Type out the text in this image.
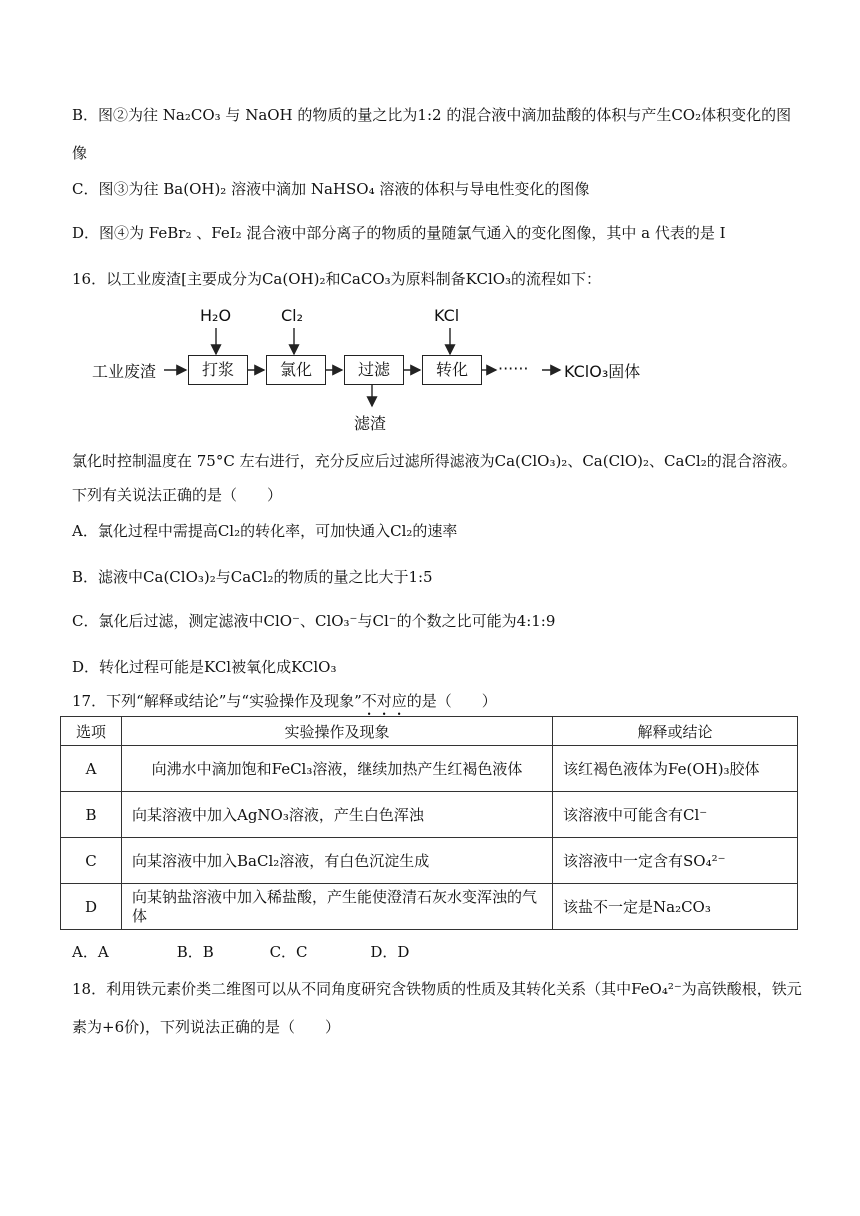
B．图②为往 Na₂CO₃ 与 NaOH 的物质的量之比为1:2 的混合液中滴加盐酸的体积与产生CO₂体积变化的图
像
C．图③为往 Ba(OH)₂ 溶液中滴加 NaHSO₄ 溶液的体积与导电性变化的图像
D．图④为 FeBr₂ 、FeI₂ 混合液中部分离子的物质的量随氯气通入的变化图像，其中 a 代表的是 I
16．以工业废渣[主要成分为Ca(OH)₂和CaCO₃为原料制备KClO₃的流程如下：
工业废渣	打浆	氯化	过滤	转化
H₂O	Cl₂	KCl
······ KClO₃固体
滤渣
氯化时控制温度在 75°C 左右进行，充分反应后过滤所得滤液为Ca(ClO₃)₂、Ca(ClO)₂、CaCl₂的混合溶液。
下列有关说法正确的是（　　）
A．氯化过程中需提高Cl₂的转化率，可加快通入Cl₂的速率
B．滤液中Ca(ClO₃)₂与CaCl₂的物质的量之比大于1:5
C．氯化后过滤，测定滤液中ClO⁻、ClO₃⁻与Cl⁻的个数之比可能为4:1:9
D．转化过程可能是KCl被氧化成KClO₃
17．下列“解释或结论”与“实验操作及现象”不对应的是（　　）
选项	实验操作及现象	解释或结论
A	向沸水中滴加饱和FeCl₃溶液，继续加热产生红褐色液体	该红褐色液体为Fe(OH)₃胶体
B	向某溶液中加入AgNO₃溶液，产生白色浑浊	该溶液中可能含有Cl⁻
C	向某溶液中加入BaCl₂溶液，有白色沉淀生成	该溶液中一定含有SO₄²⁻
D	向某钠盐溶液中加入稀盐酸，产生能使澄清石灰水变浑浊的气体	该盐不一定是Na₂CO₃
A．A	B．B	C．C	D．D
18．利用铁元素价类二维图可以从不同角度研究含铁物质的性质及其转化关系（其中FeO₄²⁻为高铁酸根，铁元
素为+6价)，下列说法正确的是（　　）
